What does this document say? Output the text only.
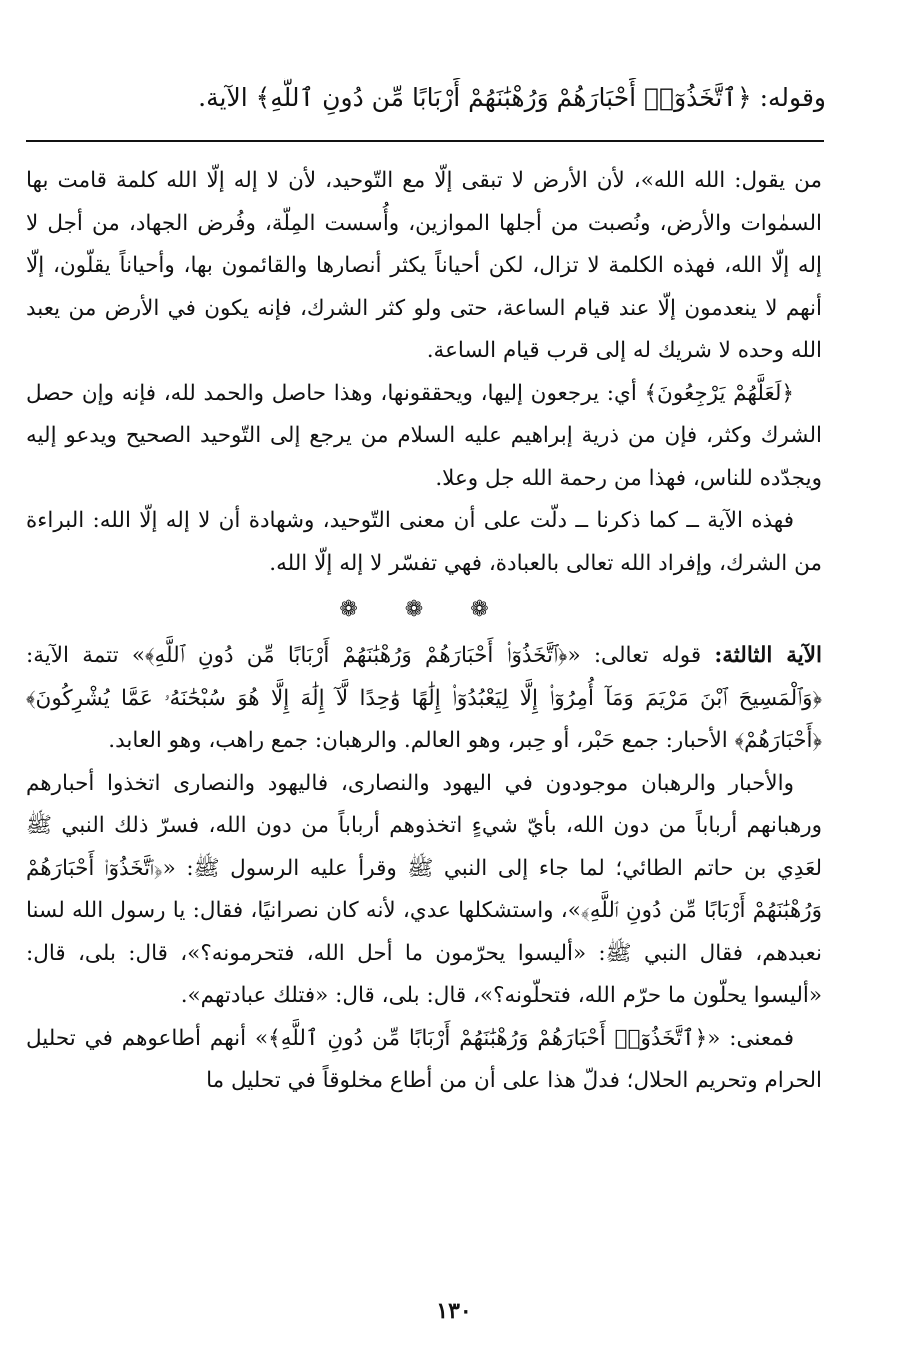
وقوله: ﴿ٱتَّخَذُوٓا۟ أَحْبَارَهُمْ وَرُهْبَٰنَهُمْ أَرْبَابًا مِّن دُونِ ٱللَّهِ﴾ الآية.

من يقول: الله الله»، لأن الأرض لا تبقى إلّا مع التّوحيد، لأن لا إله إلّا الله كلمة قامت بها السمٰوات والأرض، ونُصبت من أجلها الموازين، وأُسست المِلّة، وفُرض الجهاد، من أجل لا إله إلّا الله، فهذه الكلمة لا تزال، لكن أحياناً يكثر أنصارها والقائمون بها، وأحياناً يقلّون، إلّا أنهم لا ينعدمون إلّا عند قيام الساعة، حتى ولو كثر الشرك، فإنه يكون في الأرض من يعبد الله وحده لا شريك له إلى قرب قيام الساعة.

﴿لَعَلَّهُمْ يَرْجِعُونَ﴾ أي: يرجعون إليها، ويحققونها، وهذا حاصل والحمد لله، فإنه وإن حصل الشرك وكثر، فإن من ذرية إبراهيم عليه السلام من يرجع إلى التّوحيد الصحيح ويدعو إليه ويجدّده للناس، فهذا من رحمة الله جل وعلا.

فهذه الآية ــ كما ذكرنا ــ دلّت على أن معنى التّوحيد، وشهادة أن لا إله إلّا الله: البراءة من الشرك، وإفراد الله تعالى بالعبادة، فهي تفسّر لا إله إلّا الله.

❁ ❁ ❁

الآية الثالثة: قوله تعالى: «﴿ٱتَّخَذُوٓا۟ أَحْبَارَهُمْ وَرُهْبَٰنَهُمْ أَرْبَابًا مِّن دُونِ ٱللَّهِ﴾» تتمة الآية: ﴿وَٱلْمَسِيحَ ٱبْنَ مَرْيَمَ وَمَآ أُمِرُوٓا۟ إِلَّا لِيَعْبُدُوٓا۟ إِلَٰهًا وَٰحِدًا لَّآ إِلَٰهَ إِلَّا هُوَ سُبْحَٰنَهُۥ عَمَّا يُشْرِكُونَ﴾ ﴿أَحْبَارَهُمْ﴾ الأحبار: جمع حَبْر، أو حِبر، وهو العالم. والرهبان: جمع راهب، وهو العابد.

والأحبار والرهبان موجودون في اليهود والنصارى، فاليهود والنصارى اتخذوا أحبارهم ورهبانهم أرباباً من دون الله، بأيّ شيءٍ اتخذوهم أرباباً من دون الله، فسرّ ذلك النبي ﷺ لعَدِي بن حاتم الطائي؛ لما جاء إلى النبي ﷺ وقرأ عليه الرسول ﷺ: «﴿ٱتَّخَذُوٓا۟ أَحْبَارَهُمْ وَرُهْبَٰنَهُمْ أَرْبَابًا مِّن دُونِ ٱللَّهِ﴾»، واستشكلها عدي، لأنه كان نصرانيًا، فقال: يا رسول الله لسنا نعبدهم، فقال النبي ﷺ: «أليسوا يحرّمون ما أحل الله، فتحرمونه؟»، قال: بلى، قال: «أليسوا يحلّون ما حرّم الله، فتحلّونه؟»، قال: بلى، قال: «فتلك عبادتهم».

فمعنى: «﴿ٱتَّخَذُوٓا۟ أَحْبَارَهُمْ وَرُهْبَٰنَهُمْ أَرْبَابًا مِّن دُونِ ٱللَّهِ﴾» أنهم أطاعوهم في تحليل الحرام وتحريم الحلال؛ فدلّ هذا على أن من أطاع مخلوقاً في تحليل ما

١٣٠
